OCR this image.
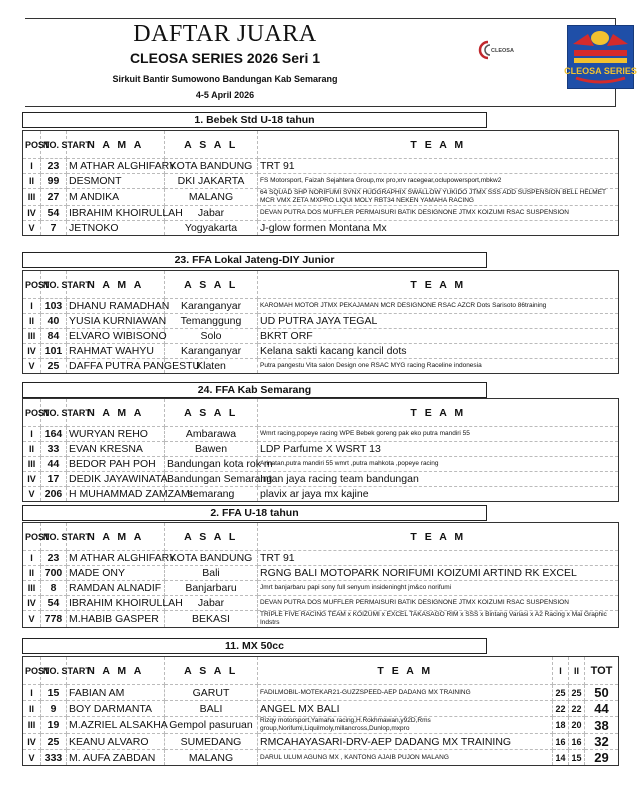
DAFTAR JUARA
CLEOSA SERIES 2026 Seri 1
Sirkuit Bantir Sumowono Bandungan Kab Semarang
4-5 April 2026
CLEOSA
CLEOSA SERIES
1. Bebek Std U-18 tahun
POST	NO. START	N A M A	A S A L	T E A M
I	23	M ATHAR ALGHIFARY	KOTA BANDUNG	TRT 91
II	99	DESMONT	DKI JAKARTA	FS Motorsport, Faizah Sejahtera Group,mx pro,xrv racegear,oclupowersport,mbkw2
III	27	M ANDIKA	MALANG	64 SQUAD SHP NORIFUMI SVNX HUDGRAPHIX SWALLOW YUKIDO JTMX SSS ADD SUSPENSION BELL HELMET MCR VMX ZETA MXPRO LIQUI MOLY RBT34 NEKEN YAMAHA RACING
IV	54	IBRAHIM KHOIRULLAH	Jabar	DEVAN PUTRA DOS MUFFLER PERMAISURI BATIK DESIGNONE JTMX KOIZUMI RSAC SUSPENSION
V	7	JETNOKO	Yogyakarta	J-glow formen Montana Mx
23. FFA Lokal Jateng-DIY Junior
POST	NO. START	N A M A	A S A L	T E A M
I	103	DHANU RAMADHAN	Karanganyar	KAROMAH MOTOR JTMX PEKAJAMAN MCR DESIGNONE RSAC AZCR Dots Sarisoto 86training
II	40	YUSIA KURNIAWAN	Temanggung	UD PUTRA JAYA TEGAL
III	84	ELVARO WIBISONO	Solo	BKRT ORF
IV	101	RAHMAT WAHYU	Karanganyar	Kelana sakti kacang kancil dots
V	25	DAFFA PUTRA PANGESTU	Klaten	Putra pangestu Vita salon Design one RSAC MYG racing Raceline indonesia
24. FFA Kab Semarang
POST	NO. START	N A M A	A S A L	T E A M
I	164	WURYAN REHO	Ambarawa	Wmrt racing,popeye racing WPE Bebek goreng pak eko putra mandiri 55
II	33	EVAN KRESNA	Bawen	LDP Parfume X WSRT 13
III	44	BEDOR PAH POH	Bandungan kota rok m	Arinatan,putra mandiri 55 wmrt ,putra mahkota ,popeye racing
IV	17	DEDIK JAYAWINATA	Bandungan Semarang	Intan jaya racing team bandungan
V	206	H MUHAMMAD ZAMZAMI	semarang	plavix ar jaya mx kajine
2. FFA U-18 tahun
POST	NO. START	N A M A	A S A L	T E A M
I	23	M ATHAR ALGHIFARY	KOTA BANDUNG	TRT 91
II	700	MADE ONY	Bali	RGNG BALI MOTOPARK NORIFUMI KOIZUMI ARTIND RK EXCEL
III	8	RAMDAN ALNADIF	Banjarbaru	Jmrt banjarbaru papi sony full senyum insideninght jm&co norifumi
IV	54	IBRAHIM KHOIRULLAH	Jabar	DEVAN PUTRA DOS MUFFLER PERMAISURI BATIK DESIGNONE JTMX KOIZUMI RSAC SUSPENSION
V	778	M.HABIB GASPER	BEKASI	TRIPLE FIVE RACING TEAM x KOIZUMI x EXCEL TAKASAGO RIM x SSS x Bintang Variasi x A2 Racing x Mai Graphic Indstrs
11. MX 50cc
POST	NO. START	N A M A	A S A L	T E A M	I	II	TOT
I	15	FABIAN AM	GARUT	FADILMOBIL-MOTEKAR21-GUZZSPEED-AEP DADANG MX TRAINING	25	25	50
II	9	BOY DARMANTA	BALI	ANGEL MX BALI	22	22	44
III	19	M.AZRIEL ALSAKHA	Gempol pasuruan	Rizqy motorsport,Yamaha racing,H.Rokhmawan,y92D,Rms group,Norifumi,Liquilmoly,millancross,Dunlop,mxpro	18	20	38
IV	25	KEANU ALVARO	SUMEDANG	RMCAHAYASARI-DRV-AEP DADANG MX TRAINING	16	16	32
V	333	M. AUFA ZABDAN	MALANG	DARUL ULUM AGUNG MX , KANTONG AJAIB PUJON MALANG	14	15	29
